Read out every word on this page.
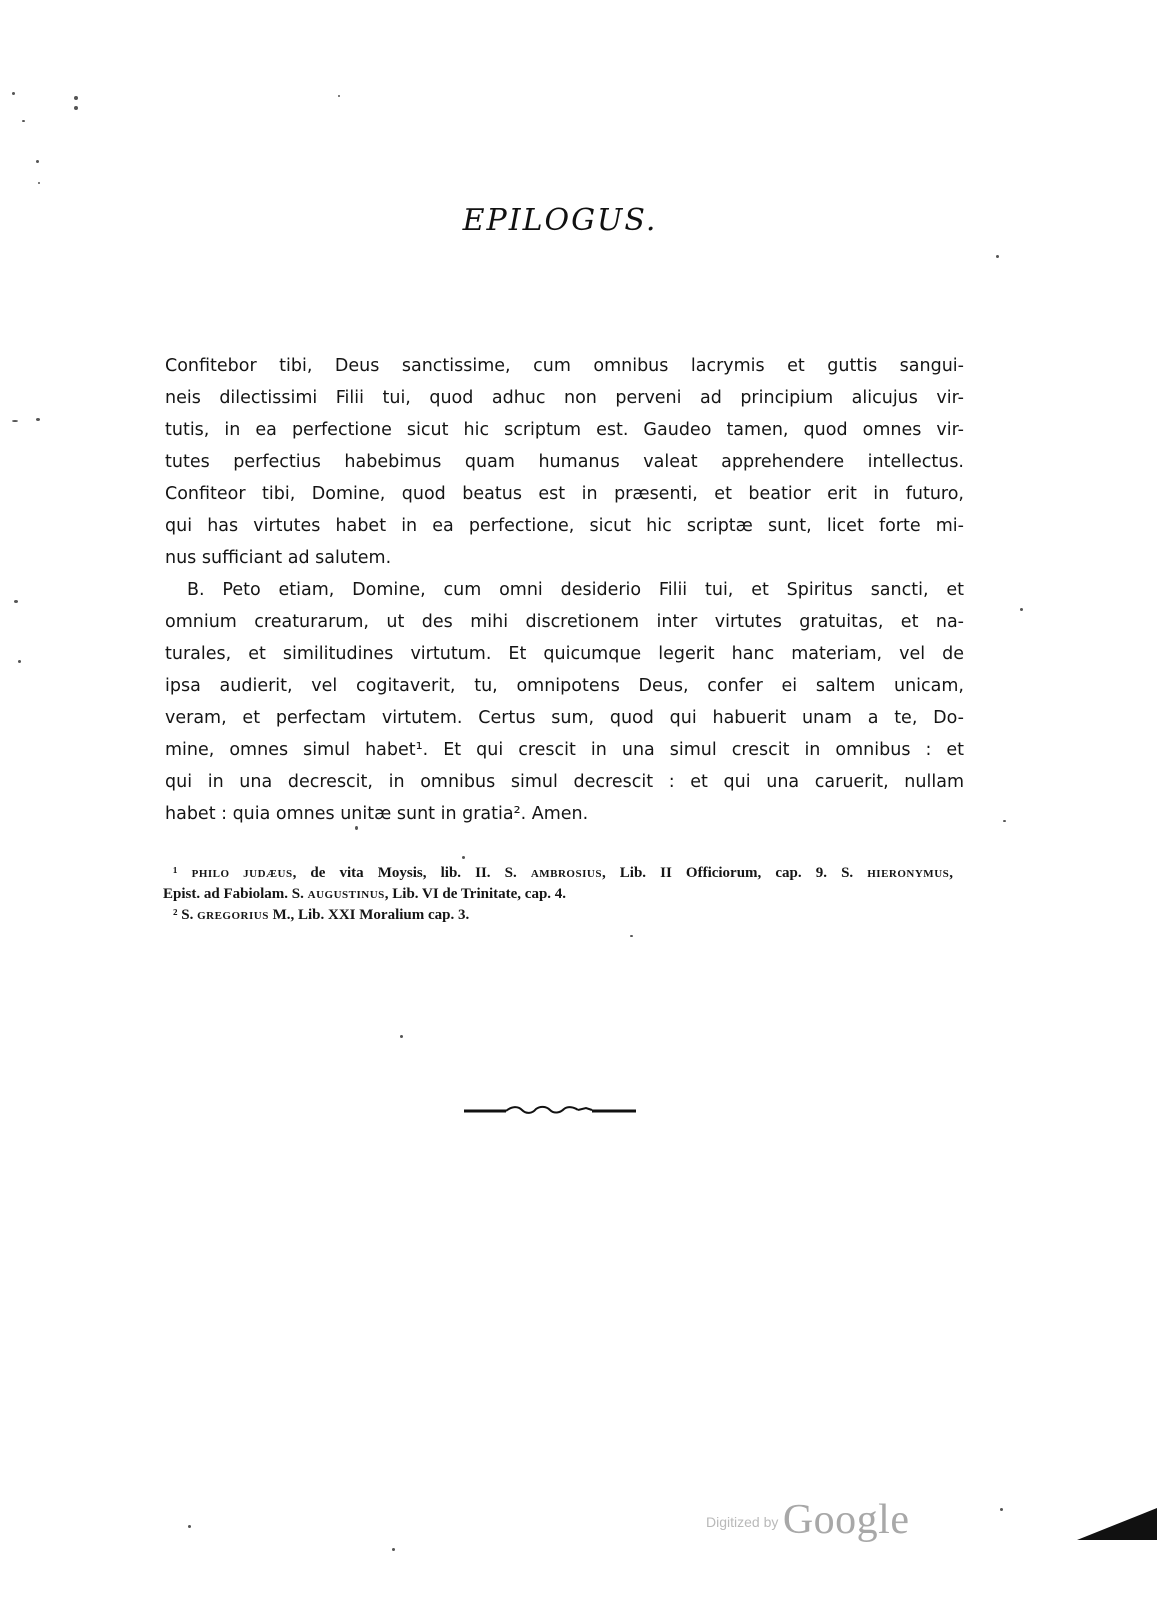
EPILOGUS.
Confitebor tibi, Deus sanctissime, cum omnibus lacrymis et guttis sangui-
neis dilectissimi Filii tui, quod adhuc non perveni ad principium alicujus vir-
tutis, in ea perfectione sicut hic scriptum est. Gaudeo tamen, quod omnes vir-
tutes perfectius habebimus quam humanus valeat apprehendere intellectus.
Confiteor tibi, Domine, quod beatus est in præsenti, et beatior erit in futuro,
qui has virtutes habet in ea perfectione, sicut hic scriptæ sunt, licet forte mi-
nus sufficiant ad salutem.
B. Peto etiam, Domine, cum omni desiderio Filii tui, et Spiritus sancti, et
omnium creaturarum, ut des mihi discretionem inter virtutes gratuitas, et na-
turales, et similitudines virtutum. Et quicumque legerit hanc materiam, vel de
ipsa audierit, vel cogitaverit, tu, omnipotens Deus, confer ei saltem unicam,
veram, et perfectam virtutem. Certus sum, quod qui habuerit unam a te, Do-
mine, omnes simul habet¹. Et qui crescit in una simul crescit in omnibus : et
qui in una decrescit, in omnibus simul decrescit : et qui una caruerit, nullam
habet : quia omnes unitæ sunt in gratia². Amen.
¹ PHILO JUDÆUS, de vita Moysis, lib. II. S. AMBROSIUS, Lib. II Officiorum, cap. 9. S. HIERONYMUS,
Epist. ad Fabiolam. S. AUGUSTINUS, Lib. VI de Trinitate, cap. 4.
² S. GREGORIUS M., Lib. XXI Moralium cap. 3.
Digitized by Google
